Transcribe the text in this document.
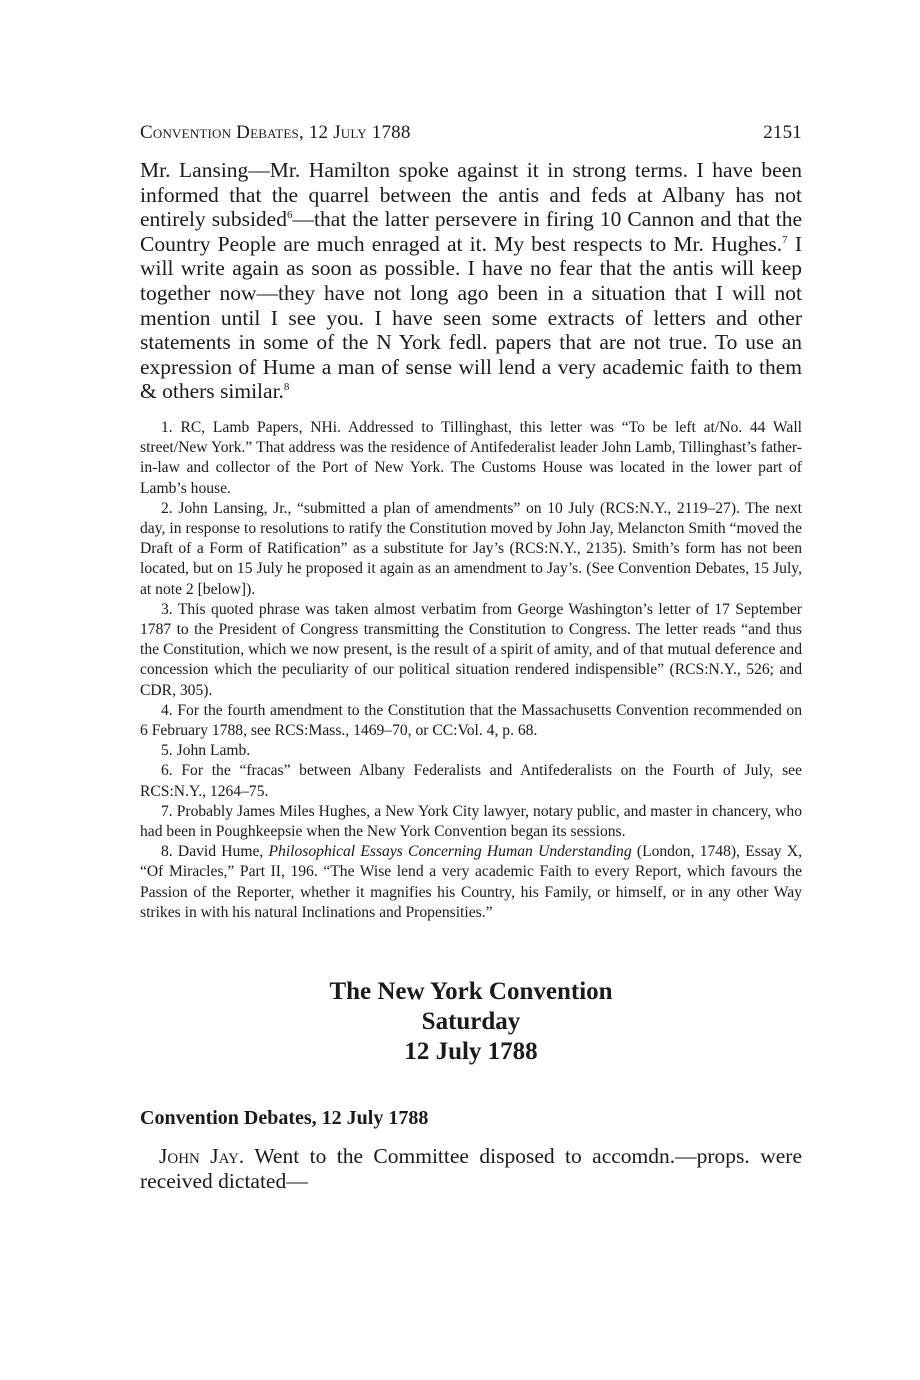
Convention Debates, 12 July 1788	2151

Mr. Lansing—Mr. Hamilton spoke against it in strong terms. I have been informed that the quarrel between the antis and feds at Albany has not entirely subsided$^6$—that the latter persevere in firing 10 Cannon and that the Country People are much enraged at it. My best respects to Mr. Hughes.$^7$ I will write again as soon as possible. I have no fear that the antis will keep together now—they have not long ago been in a situation that I will not mention until I see you. I have seen some extracts of letters and other statements in some of the N York fedl. papers that are not true. To use an expression of Hume a man of sense will lend a very academic faith to them & others similar.$^8$

1. RC, Lamb Papers, NHi. Addressed to Tillinghast, this letter was “To be left at/No. 44 Wall street/New York.” That address was the residence of Antifederalist leader John Lamb, Tillinghast’s father-in-law and collector of the Port of New York. The Customs House was located in the lower part of Lamb’s house.

2. John Lansing, Jr., “submitted a plan of amendments” on 10 July (RCS:N.Y., 2119–27). The next day, in response to resolutions to ratify the Constitution moved by John Jay, Melancton Smith “moved the Draft of a Form of Ratification” as a substitute for Jay’s (RCS:N.Y., 2135). Smith’s form has not been located, but on 15 July he proposed it again as an amendment to Jay’s. (See Convention Debates, 15 July, at note 2 [below]).

3. This quoted phrase was taken almost verbatim from George Washington’s letter of 17 September 1787 to the President of Congress transmitting the Constitution to Congress. The letter reads “and thus the Constitution, which we now present, is the result of a spirit of amity, and of that mutual deference and concession which the peculiarity of our political situation rendered indispensible” (RCS:N.Y., 526; and CDR, 305).

4. For the fourth amendment to the Constitution that the Massachusetts Convention recommended on 6 February 1788, see RCS:Mass., 1469–70, or CC:Vol. 4, p. 68.

5. John Lamb.

6. For the “fracas” between Albany Federalists and Antifederalists on the Fourth of July, see RCS:N.Y., 1264–75.

7. Probably James Miles Hughes, a New York City lawyer, notary public, and master in chancery, who had been in Poughkeepsie when the New York Convention began its sessions.

8. David Hume, Philosophical Essays Concerning Human Understanding (London, 1748), Essay X, “Of Miracles,” Part II, 196. “The Wise lend a very academic Faith to every Report, which favours the Passion of the Reporter, whether it magnifies his Country, his Family, or himself, or in any other Way strikes in with his natural Inclinations and Propensities.”

The New York Convention
Saturday
12 July 1788
Convention Debates, 12 July 1788

John Jay. Went to the Committee disposed to accomdn.—props. were received dictated—
